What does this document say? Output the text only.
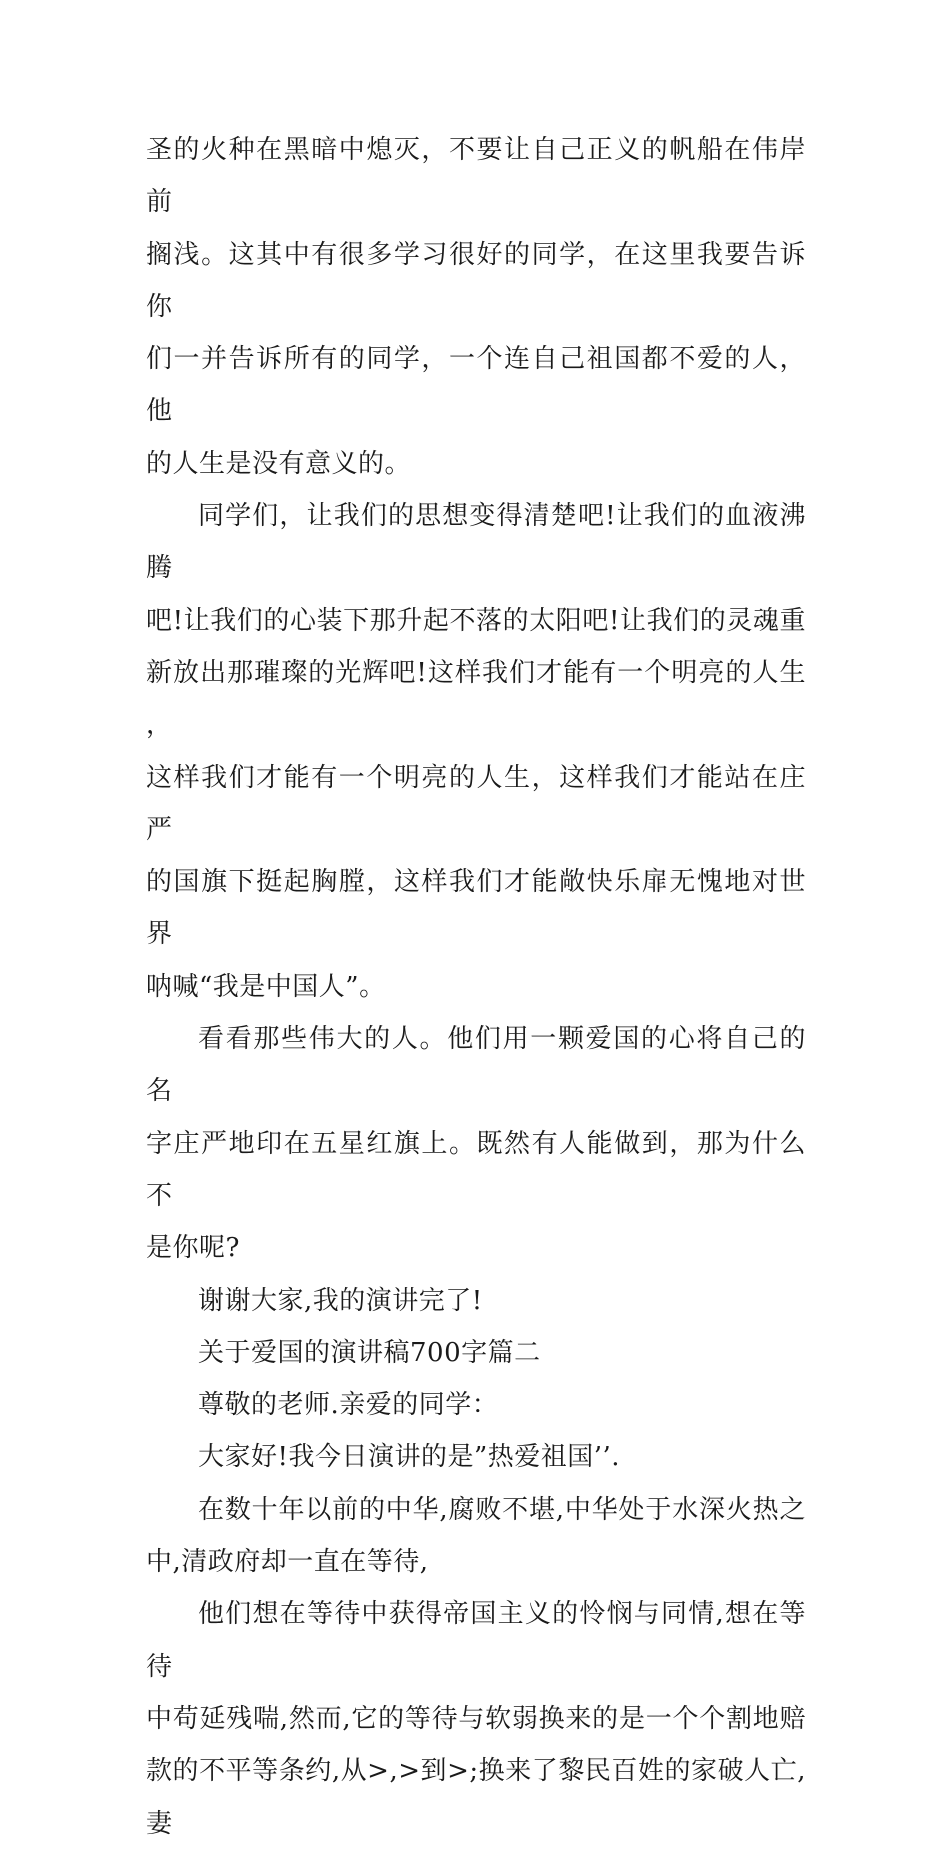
圣的火种在黑暗中熄灭，不要让自己正义的帆船在伟岸前
搁浅。这其中有很多学习很好的同学，在这里我要告诉你
们一并告诉所有的同学，一个连自己祖国都不爱的人，他
的人生是没有意义的。

同学们，让我们的思想变得清楚吧!让我们的血液沸腾
吧!让我们的心装下那升起不落的太阳吧!让我们的灵魂重
新放出那璀璨的光辉吧!这样我们才能有一个明亮的人生，
这样我们才能有一个明亮的人生，这样我们才能站在庄严
的国旗下挺起胸膛，这样我们才能敞快乐扉无愧地对世界
呐喊“我是中国人”。

看看那些伟大的人。他们用一颗爱国的心将自己的名
字庄严地印在五星红旗上。既然有人能做到，那为什么不
是你呢?

谢谢大家,我的演讲完了!

关于爱国的演讲稿700字篇二

尊敬的老师.亲爱的同学：

大家好!我今日演讲的是”热爱祖国’’.

在数十年以前的中华,腐败不堪,中华处于水深火热之
中,清政府却一直在等待,

他们想在等待中获得帝国主义的怜悯与同情,想在等待
中苟延残喘,然而,它的等待与软弱换来的是一个个割地赔
款的不平等条约,从>,>到>;换来了黎民百姓的家破人亡,妻
